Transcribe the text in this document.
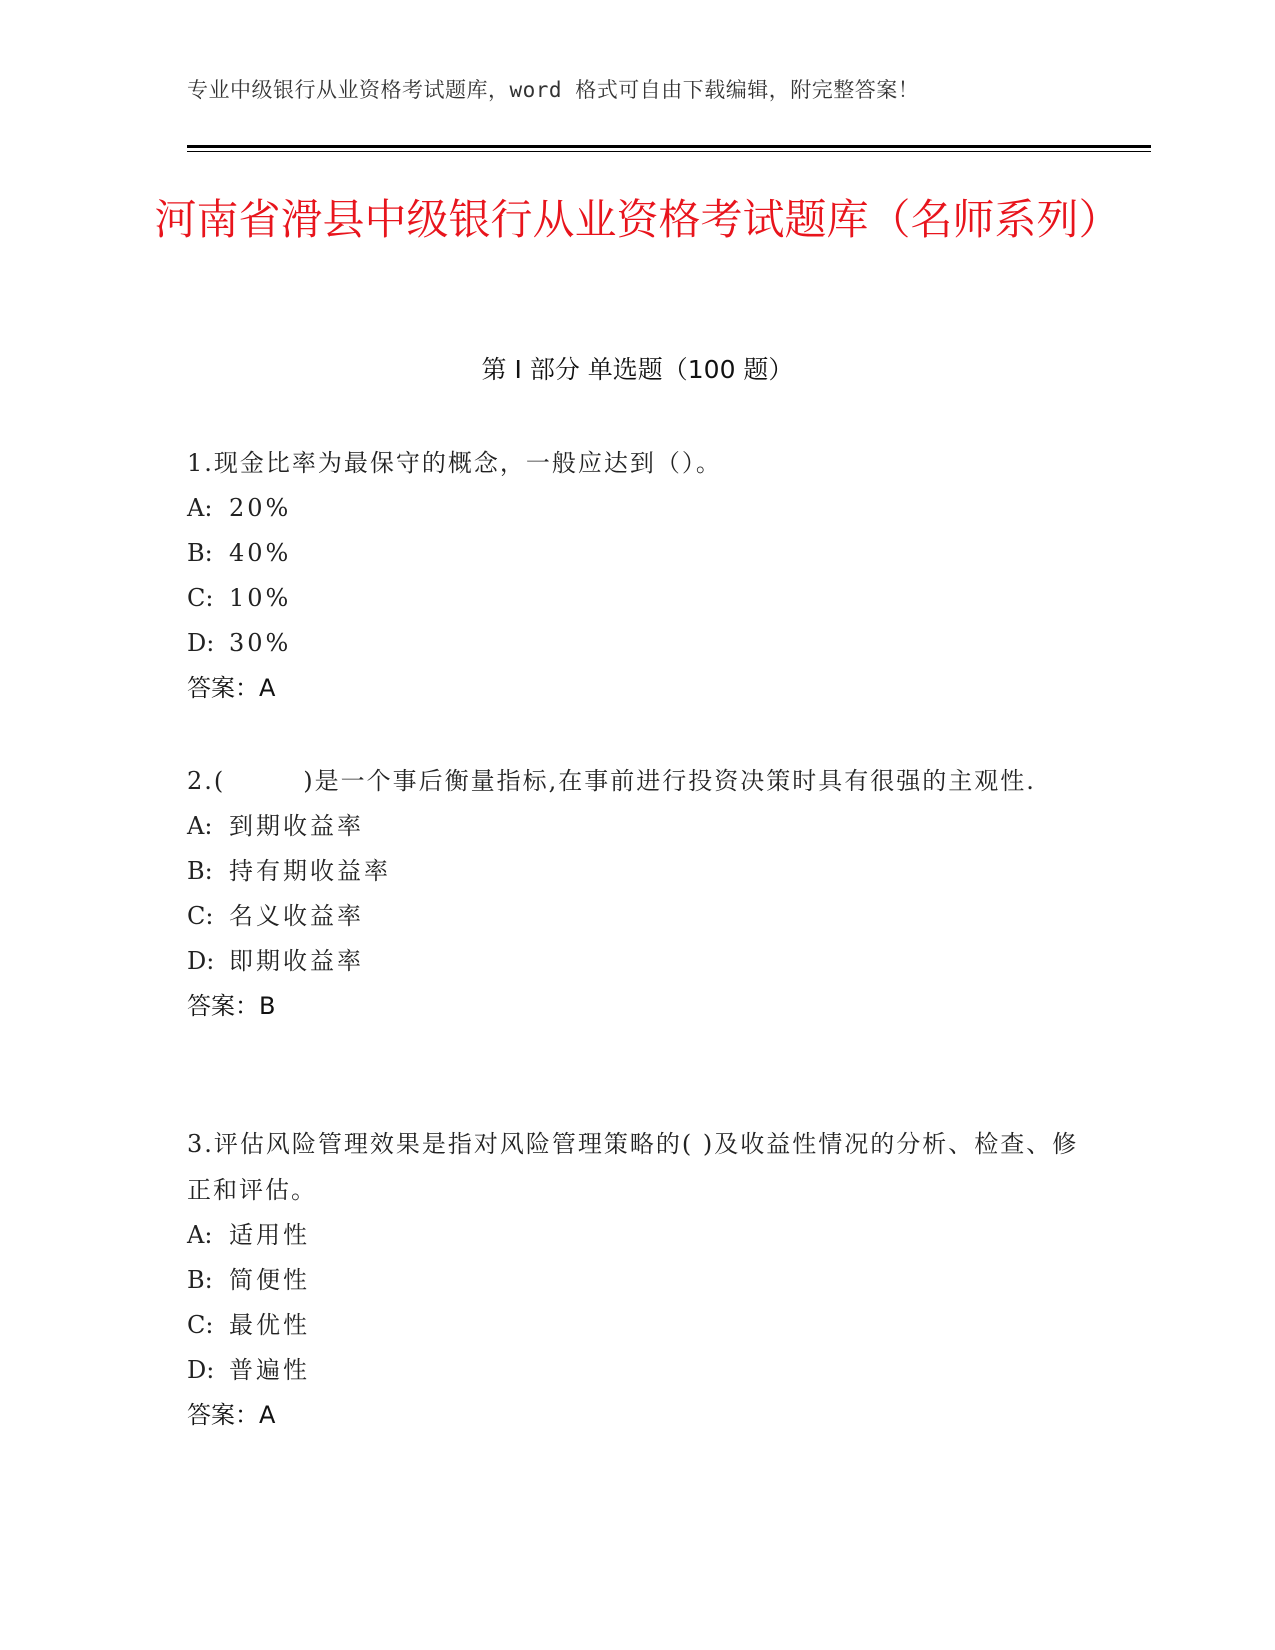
专业中级银行从业资格考试题库，word 格式可自由下载编辑，附完整答案！
河南省滑县中级银行从业资格考试题库（名师系列）
第 I 部分 单选题（100 题）
1.现金比率为最保守的概念，一般应达到（）。
A: 20%
B: 40%
C: 10%
D: 30%
答案：A
2.(　　　)是一个事后衡量指标,在事前进行投资决策时具有很强的主观性.
A: 到期收益率
B: 持有期收益率
C: 名义收益率
D: 即期收益率
答案：B
3.评估风险管理效果是指对风险管理策略的( )及收益性情况的分析、检查、修正和评估。
A: 适用性
B: 简便性
C: 最优性
D: 普遍性
答案：A
